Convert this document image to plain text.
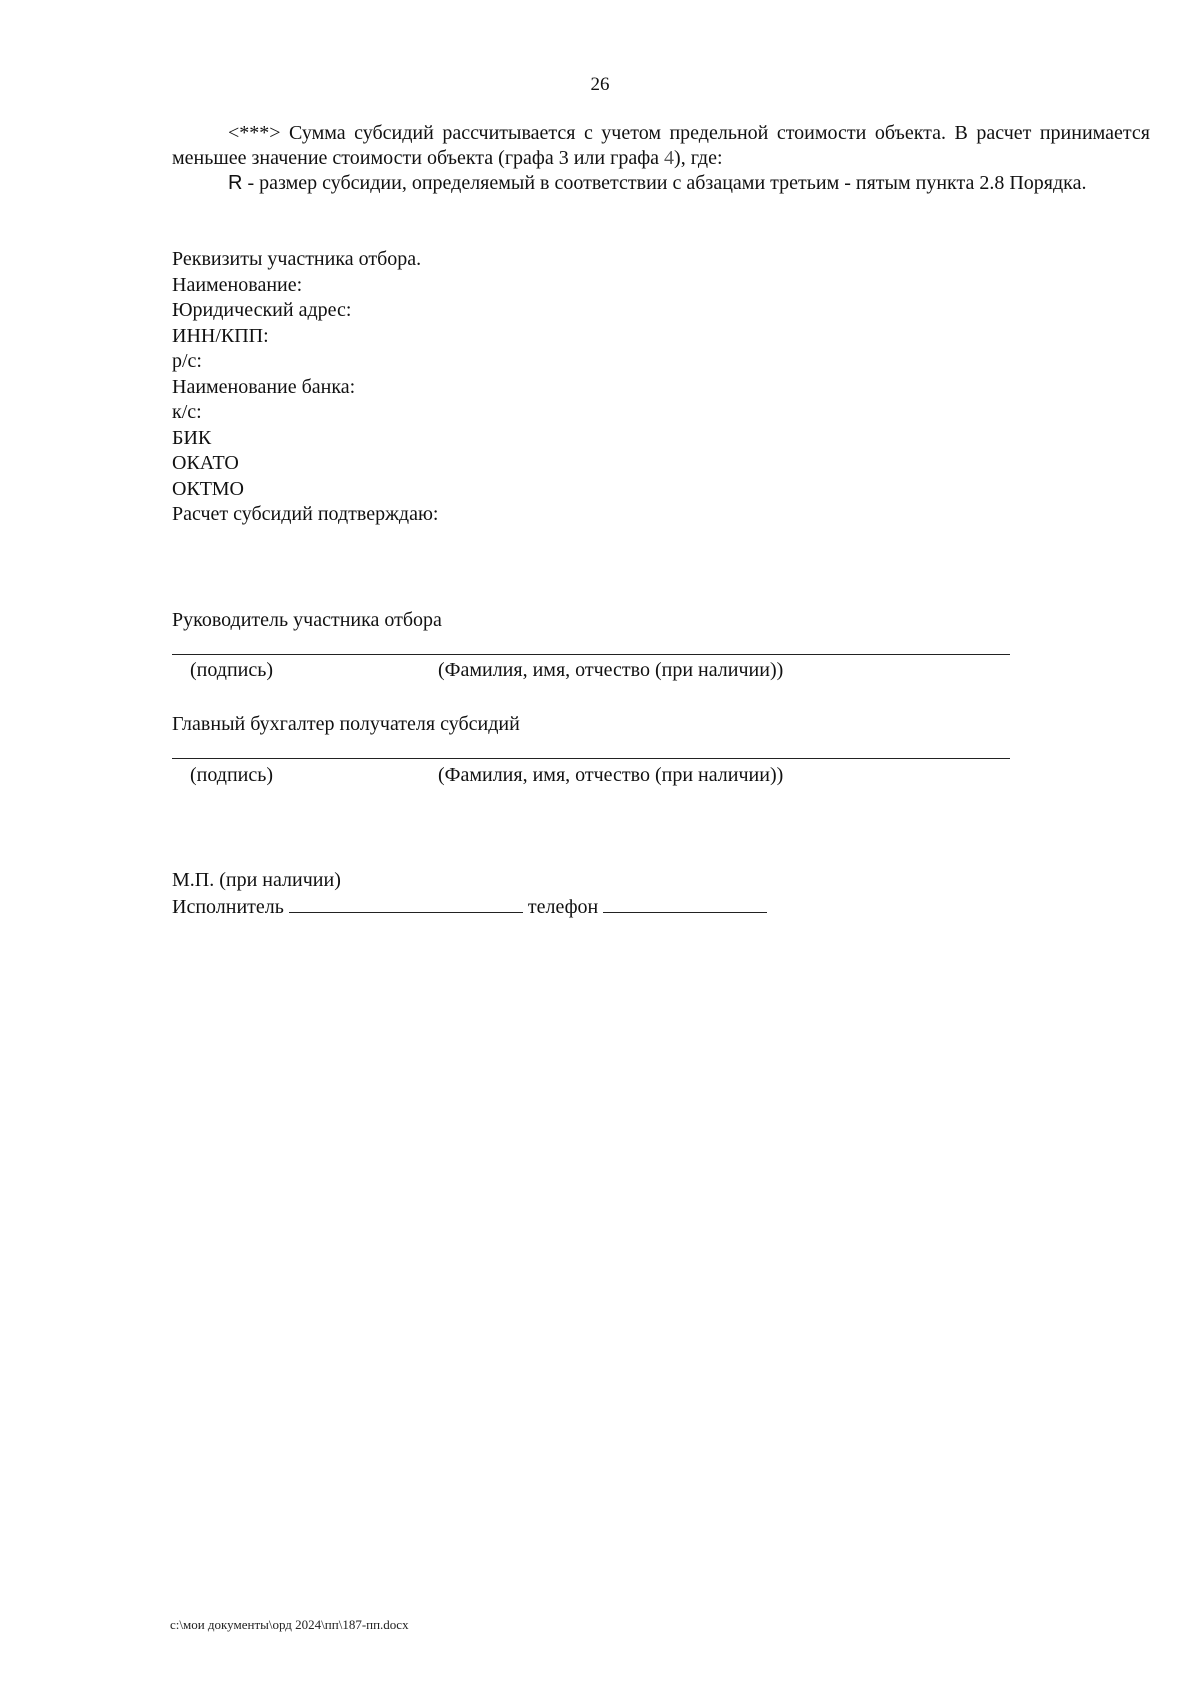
26

<***> Сумма субсидий рассчитывается с учетом предельной стоимости объекта. В расчет принимается меньшее значение стоимости объекта (графа 3 или графа 4), где:

R - размер субсидии, определяемый в соответствии с абзацами третьим - пятым пункта 2.8 Порядка.

Реквизиты участника отбора.
Наименование:
Юридический адрес:
ИНН/КПП:
р/с:
Наименование банка:
к/с:
БИК
ОКАТО
ОКТМО
Расчет субсидий подтверждаю:
Руководитель участника отбора
(подпись)	(Фамилия, имя, отчество (при наличии))
Главный бухгалтер получателя субсидий
(подпись)	(Фамилия, имя, отчество (при наличии))
М.П. (при наличии)
Исполнитель	телефон
c:\мои документы\орд 2024\пп\187-пп.docx
